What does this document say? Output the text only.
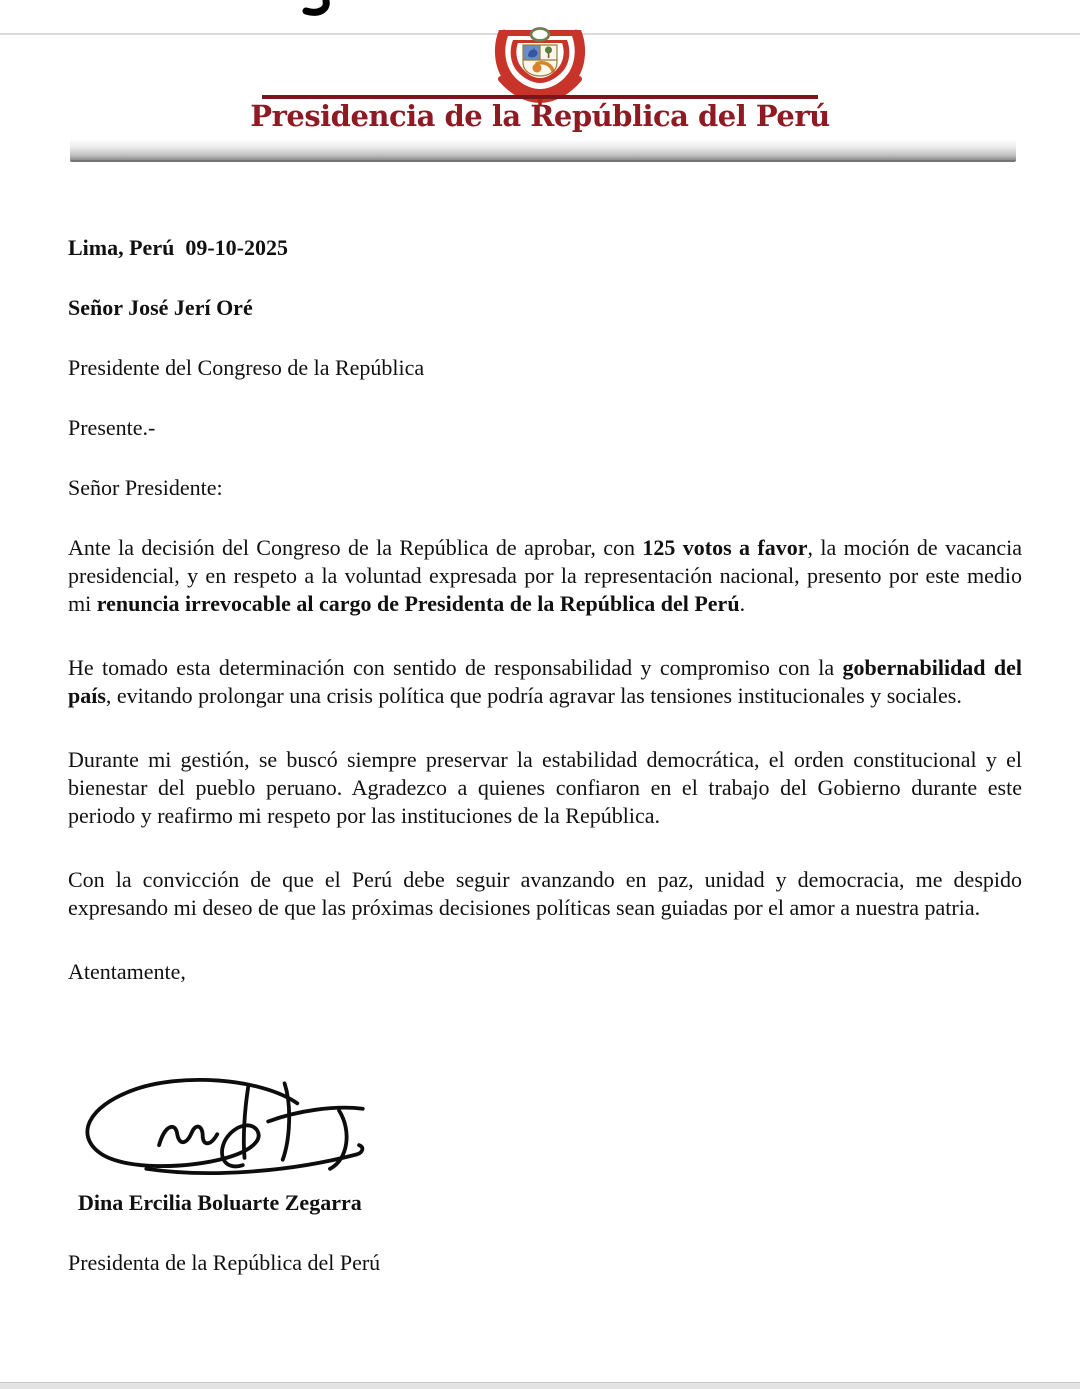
Presidencia de la República del Perú

Lima, Perú  09-10-2025

Señor José Jerí Oré

Presidente del Congreso de la República

Presente.-

Señor Presidente:

Ante la decisión del Congreso de la República de aprobar, con 125 votos a favor, la moción de vacancia presidencial, y en respeto a la voluntad expresada por la representación nacional, presento por este medio mi renuncia irrevocable al cargo de Presidenta de la República del Perú.

He tomado esta determinación con sentido de responsabilidad y compromiso con la gobernabilidad del país, evitando prolongar una crisis política que podría agravar las tensiones institucionales y sociales.

Durante mi gestión, se buscó siempre preservar la estabilidad democrática, el orden constitucional y el bienestar del pueblo peruano. Agradezco a quienes confiaron en el trabajo del Gobierno durante este periodo y reafirmo mi respeto por las instituciones de la República.

Con la convicción de que el Perú debe seguir avanzando en paz, unidad y democracia, me despido expresando mi deseo de que las próximas decisiones políticas sean guiadas por el amor a nuestra patria.

Atentamente,

Dina Ercilia Boluarte Zegarra

Presidenta de la República del Perú
